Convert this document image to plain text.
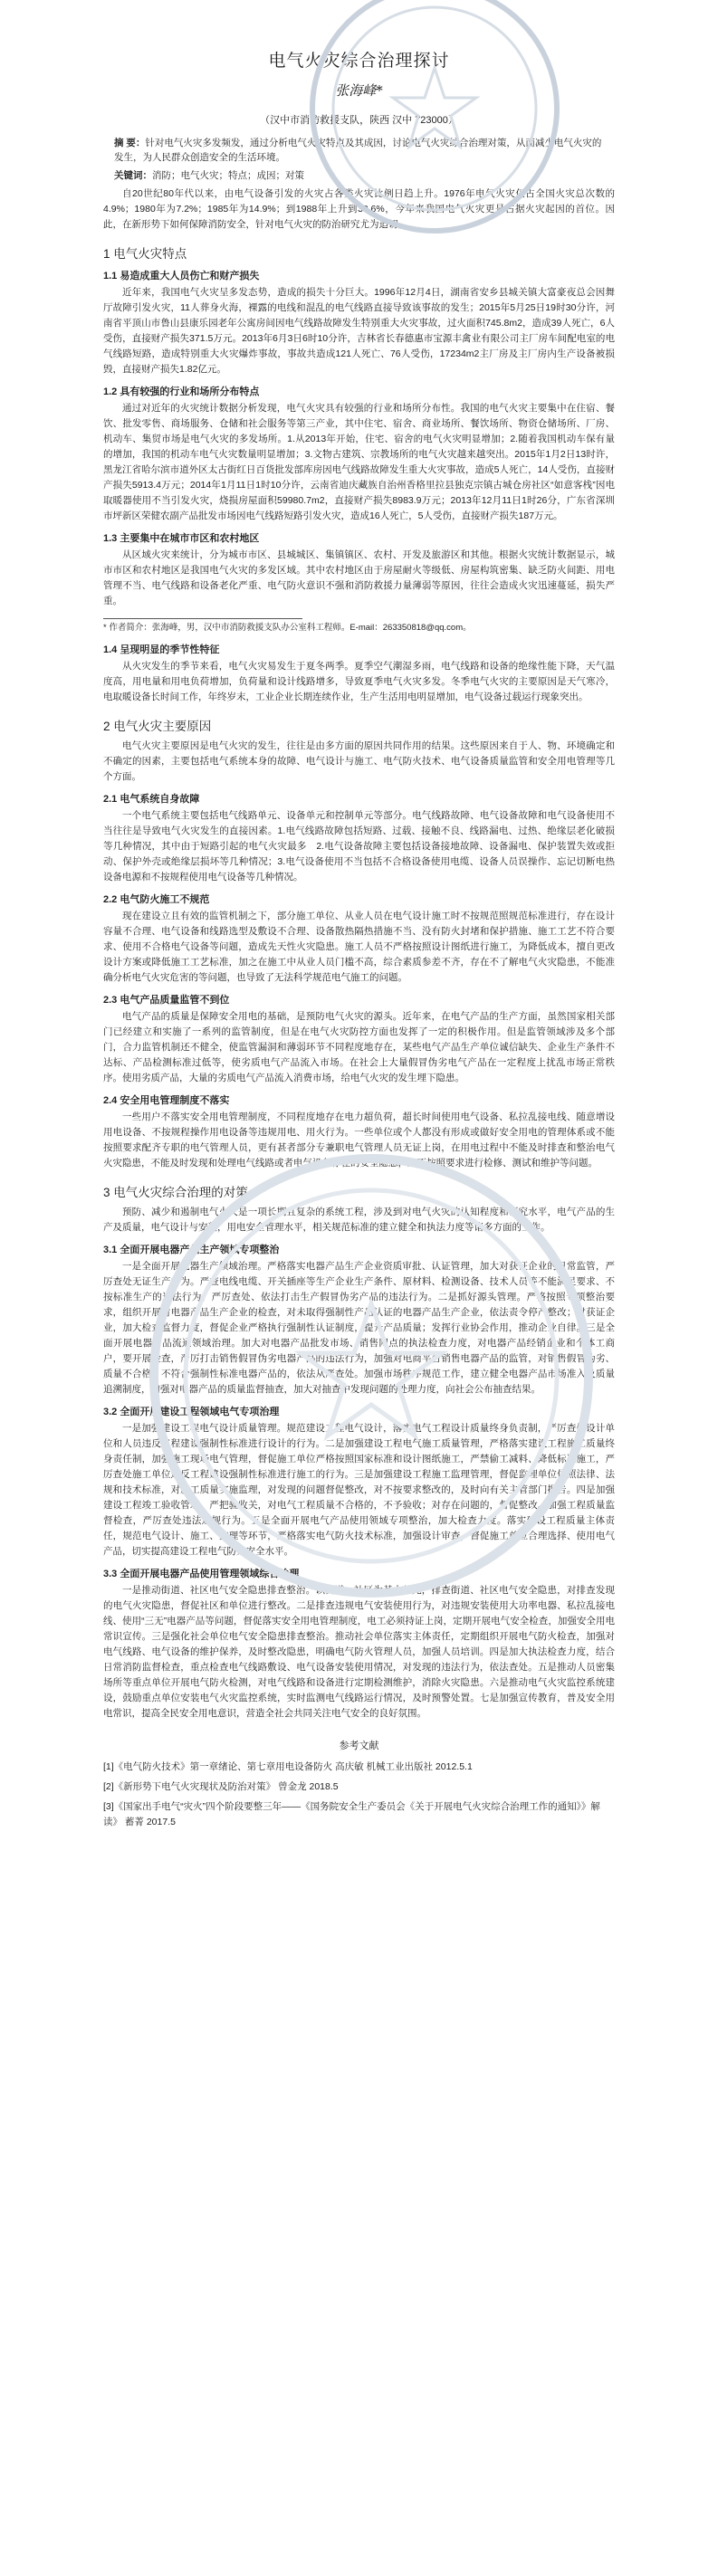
电气火灾综合治理探讨
张海峰*
（汉中市消防救援支队，陕西 汉中 723000）
摘 要：针对电气火灾多发频发，通过分析电气火灾特点及其成因，讨论电气火灾综合治理对策，从而减少电气火灾的发生，为人民群众创造安全的生活环境。
关键词：消防；电气火灾；特点；成因；对策

自20世纪80年代以来，由电气设备引发的火灾占各类火灾比例日趋上升。1976年电气火灾仅占全国火灾总次数的4.9%；1980年为7.2%；1985年为14.9%；到1988年上升到38.6%，今年来我国电气火灾更是占据火灾起因的首位。因此，在新形势下如何保障消防安全，针对电气火灾的防治研究尤为迫切。

1 电气火灾特点
1.1 易造成重大人员伤亡和财产损失

近年来，我国电气火灾呈多发态势，造成的损失十分巨大。1996年12月4日，湖南省安乡县城关镇大富豪夜总会因舞厅故障引发火灾，11人葬身火海，裸露的电线和混乱的电气线路直接导致该事故的发生；2015年5月25日19时30分许，河南省平顶山市鲁山县康乐园老年公寓房间因电气线路故障发生特别重大火灾事故，过火面积745.8m2，造成39人死亡，6人受伤，直接财产损失371.5万元。2013年6月3日6时10分许，吉林省长春德惠市宝源丰禽业有限公司主厂房车间配电室的电气线路短路，造成特别重大火灾爆炸事故，事故共造成121人死亡、76人受伤，17234m2主厂房及主厂房内生产设备被损毁，直接财产损失1.82亿元。

1.2 具有较强的行业和场所分布特点

通过对近年的火灾统计数据分析发现，电气火灾具有较强的行业和场所分布性。我国的电气火灾主要集中在住宿、餐饮、批发零售、商场服务、仓储和社会服务等第三产业，其中住宅、宿舍、商业场所、餐饮场所、物资仓储场所、厂房、机动车、集贸市场是电气火灾的多发场所。1.从2013年开始，住宅、宿舍的电气火灾明显增加；2.随着我国机动车保有量的增加，我国的机动车电气火灾数量明显增加；3.文物古建筑、宗教场所的电气火灾越来越突出。2015年1月2日13时许，黑龙江省哈尔滨市道外区太古街红日百货批发部库房因电气线路故障发生重大火灾事故，造成5人死亡，14人受伤，直接财产损失5913.4万元；2014年1月11日1时10分许，云南省迪庆藏族自治州香格里拉县独克宗镇古城仓房社区“如意客栈”因电取暖器使用不当引发火灾，烧损房屋面积59980.7m2，直接财产损失8983.9万元；2013年12月11日1时26分，广东省深圳市坪新区荣健农副产品批发市场因电气线路短路引发火灾，造成16人死亡，5人受伤，直接财产损失187万元。

1.3 主要集中在城市市区和农村地区

从区域火灾来统计，分为城市市区、县城城区、集镇镇区、农村、开发及旅游区和其他。根据火灾统计数据显示，城市市区和农村地区是我国电气火灾的多发区域。其中农村地区由于房屋耐火等级低、房屋构筑密集、缺乏防火间距、用电管理不当、电气线路和设备老化严重、电气防火意识不强和消防救援力量薄弱等原因，往往会造成火灾迅速蔓延，损失严重。

* 作者简介：张海峰，男，汉中市消防救援支队办公室科工程师。E-mail：263350818@qq.com。
1.4 呈现明显的季节性特征

从火灾发生的季节来看，电气火灾易发生于夏冬两季。夏季空气潮湿多雨，电气线路和设备的绝缘性能下降，天气温度高，用电量和用电负荷增加，负荷量和设计线路增多，导致夏季电气火灾多发。冬季电气火灾的主要原因是天气寒冷，电取暖设备长时间工作，年终岁末，工业企业长期连续作业，生产生活用电明显增加，电气设备过载运行现象突出。

2 电气火灾主要原因

电气火灾主要原因是电气火灾的发生，往往是由多方面的原因共同作用的结果。这些原因来自于人、物、环境确定和不确定的因素，主要包括电气系统本身的故障、电气设计与施工、电气防火技术、电气设备质量监管和安全用电管理等几个方面。

2.1 电气系统自身故障

一个电气系统主要包括电气线路单元、设备单元和控制单元等部分。电气线路故障、电气设备故障和电气设备使用不当往往是导致电气火灾发生的直接因素。1.电气线路故障包括短路、过载、接触不良、线路漏电、过热、绝缘层老化破损等几种情况，其中由于短路引起的电气火灾最多　2.电气设备故障主要包括设备接地故障、设备漏电、保护装置失效或拒动、保护外壳或绝缘层损坏等几种情况；3.电气设备使用不当包括不合格设备使用电缆、设备人员误操作、忘记切断电热设备电源和不按规程使用电气设备等几种情况。

2.2 电气防火施工不规范

现在建设立且有效的监管机制之下，部分施工单位、从业人员在电气设计施工时不按规范照规范标准进行，存在设计容量不合理、电气设备和线路选型及敷设不合理、设备散热隔热措施不当、没有防火封堵和保护措施、施工工艺不符合要求、使用不合格电气设备等问题，造成先天性火灾隐患。施工人员不严格按照设计图纸进行施工，为降低成本，擅自更改设计方案或降低施工工艺标准，加之在施工中从业人员门槛不高，综合素质参差不齐，存在不了解电气火灾隐患，不能准确分析电气火灾危害的等问题，也导致了无法科学规范电气施工的问题。

2.3 电气产品质量监管不到位

电气产品的质量是保障安全用电的基础，是预防电气火灾的源头。近年来，在电气产品的生产方面，虽然国家相关部门已经建立和实施了一系列的监管制度，但是在电气火灾防控方面也发挥了一定的积极作用。但是监管领域涉及多个部门，合力监管机制还不健全，使监管漏洞和薄弱环节不同程度地存在，某些电气产品生产单位诚信缺失、企业生产条件不达标、产品检测标准过低等，使劣质电气产品流入市场。在社会上大量假冒伪劣电气产品在一定程度上扰乱市场正常秩序。使用劣质产品，大量的劣质电气产品流入消费市场，给电气火灾的发生埋下隐患。

2.4 安全用电管理制度不落实

一些用户不落实安全用电管理制度，不同程度地存在电力超负荷，超长时间使用电气设备、私拉乱接电线、随意增设用电设备、不按规程操作用电设备等违规用电、用火行为。一些单位或个人都没有形成或做好安全用电的管理体系或不能按照要求配齐专职的电气管理人员，更有甚者部分专兼职电气管理人员无证上岗，在用电过程中不能及时排查和整治电气火灾隐患，不能及时发现和处理电气线路或者电气设备存在的安全隐患，如不按照要求进行检修、测试和维护等问题。

3 电气火灾综合治理的对策

预防、减少和遏制电气火灾是一项长期且复杂的系统工程，涉及到对电气火灾的认知程度和研究水平，电气产品的生产及质量，电气设计与安装，用电安全管理水平，相关规范标准的建立健全和执法力度等诸多方面的工作。

3.1 全面开展电器产品生产领域专项整治

一是全面开展电器生产领域治理。严格落实电器产品生产企业资质审批、认证管理，加大对获证企业的日常监管，严厉查处无证生产行为。严查电线电缆、开关插座等生产企业生产条件、原材料、检测设备、技术人员等不能满足要求、不按标准生产的违法行为；严厉查处、依法打击生产假冒伪劣产品的违法行为。二是抓好源头管理。严格按照专项整治要求，组织开展对电器产品生产企业的检查，对未取得强制性产品认证的电器产品生产企业，依法责令停产整改；对获证企业，加大检查监督力度，督促企业严格执行强制性认证制度，提升产品质量；发挥行业协会作用，推动企业自律。三是全面开展电器产品流通领域治理。加大对电器产品批发市场、销售网点的执法检查力度，对电器产品经销企业和个体工商户，要开展检查，严厉打击销售假冒伪劣电器产品的违法行为，加强对电商平台销售电器产品的监管，对销售假冒伪劣、质量不合格、不符合强制性标准电器产品的，依法从严查处。加强市场秩序规范工作，建立健全电器产品市场准入及质量追溯制度，加强对电器产品的质量监督抽查，加大对抽查中发现问题的处理力度，向社会公布抽查结果。

3.2 全面开展建设工程领域电气专项治理

一是加强建设工程电气设计质量管理。规范建设工程电气设计，落实电气工程设计质量终身负责制，严厉查处设计单位和人员违反工程建设强制性标准进行设计的行为。二是加强建设工程电气施工质量管理，严格落实建设工程施工质量终身责任制，加强施工现场电气管理，督促施工单位严格按照国家标准和设计图纸施工，严禁偷工减料、降低标准施工，严厉查处施工单位违反工程建设强制性标准进行施工的行为。三是加强建设工程施工监理管理，督促监理单位依照法律、法规和技术标准，对施工质量实施监理，对发现的问题督促整改，对不按要求整改的，及时向有关主管部门报告。四是加强建设工程竣工验收管理，严把验收关，对电气工程质量不合格的，不予验收；对存在问题的，督促整改。加强工程质量监督检查，严厉查处违法违规行为。五是全面开展电气产品使用领域专项整治，加大检查力度。落实建设工程质量主体责任，规范电气设计、施工、监理等环节，严格落实电气防火技术标准，加强设计审查，督促施工单位合理选择、使用电气产品，切实提高建设工程电气防火安全水平。

3.3 全面开展电器产品使用管理领域综合治理

一是推动街道、社区电气安全隐患排查整治。以街道、社区为基本单元，排查街道、社区电气安全隐患，对排查发现的电气火灾隐患，督促社区和单位进行整改。二是排查违规电气安装使用行为，对违规安装使用大功率电器、私拉乱接电线、使用“三无”电器产品等问题，督促落实安全用电管理制度，电工必须持证上岗，定期开展电气安全检查，加强安全用电常识宣传。三是强化社会单位电气安全隐患排查整治。推动社会单位落实主体责任，定期组织开展电气防火检查，加强对电气线路、电气设备的维护保养，及时整改隐患，明确电气防火管理人员，加强人员培训。四是加大执法检查力度，结合日常消防监督检查，重点检查电气线路敷设、电气设备安装使用情况，对发现的违法行为，依法查处。五是推动人员密集场所等重点单位开展电气防火检测，对电气线路和设备进行定期检测维护，消除火灾隐患。六是推动电气火灾监控系统建设，鼓励重点单位安装电气火灾监控系统，实时监测电气线路运行情况，及时预警处置。七是加强宣传教育，普及安全用电常识，提高全民安全用电意识，营造全社会共同关注电气安全的良好氛围。

参考文献
[1]《电气防火技术》第一章绪论、第七章用电设备防火 高庆敏 机械工业出版社 2012.5.1
[2]《新形势下电气火灾现状及防治对策》 曾金龙 2018.5
[3]《国家出手电气“灾火”四个阶段要整三年——《国务院安全生产委员会《关于开展电气火灾综合治理工作的通知》》解读》 蓄菁 2017.5
